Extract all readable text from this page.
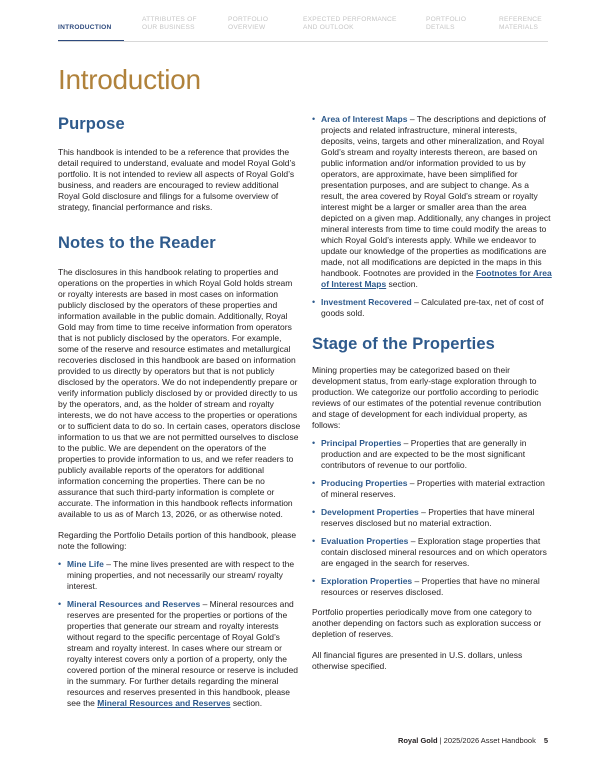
INTRODUCTION
ATTRIBUTES OF
OUR BUSINESS
PORTFOLIO
OVERVIEW
EXPECTED PERFORMANCE
AND OUTLOOK
PORTFOLIO
DETAILS
REFERENCE
MATERIALS
Introduction
Purpose

This handbook is intended to be a reference that provides the detail required to understand, evaluate and model Royal Gold’s portfolio. It is not intended to review all aspects of Royal Gold’s business, and readers are encouraged to review additional Royal Gold disclosure and filings for a fulsome overview of strategy, financial performance and risks.

Notes to the Reader

The disclosures in this handbook relating to properties and operations on the properties in which Royal Gold holds stream or royalty interests are based in most cases on information publicly disclosed by the operators of these properties and information available in the public domain. Additionally, Royal Gold may from time to time receive information from operators that is not publicly disclosed by the operators. For example, some of the reserve and resource estimates and metallurgical recoveries disclosed in this handbook are based on information provided to us directly by operators but that is not publicly disclosed by the operators. We do not independently prepare or verify information publicly disclosed by or provided directly to us by the operators, and, as the holder of stream and royalty interests, we do not have access to the properties or operations or to sufficient data to do so. In certain cases, operators disclose information to us that we are not permitted ourselves to disclose to the public. We are dependent on the operators of the properties to provide information to us, and we refer readers to publicly available reports of the operators for additional information concerning the properties. There can be no assurance that such third-party information is complete or accurate. The information in this handbook reflects information available to us as of March 13, 2026, or as otherwise noted.

Regarding the Portfolio Details portion of this handbook, please note the following:

• Mine Life – The mine lives presented are with respect to the mining properties, and not necessarily our stream/ royalty interest.
• Mineral Resources and Reserves – Mineral resources and reserves are presented for the properties or portions of the properties that generate our stream and royalty interests without regard to the specific percentage of Royal Gold’s stream and royalty interest. In cases where our stream or royalty interest covers only a portion of a property, only the covered portion of the mineral resource or reserve is included in the summary. For further details regarding the mineral resources and reserves presented in this handbook, please see the Mineral Resources and Reserves section.
• Area of Interest Maps – The descriptions and depictions of projects and related infrastructure, mineral interests, deposits, veins, targets and other mineralization, and Royal Gold’s stream and royalty interests thereon, are based on public information and/or information provided to us by operators, are approximate, have been simplified for presentation purposes, and are subject to change. As a result, the area covered by Royal Gold’s stream or royalty interest might be a larger or smaller area than the area depicted on a given map. Additionally, any changes in project mineral interests from time to time could modify the areas to which Royal Gold’s interests apply. While we endeavor to update our knowledge of the properties as modifications are made, not all modifications are depicted in the maps in this handbook. Footnotes are provided in the Footnotes for Area of Interest Maps section.
• Investment Recovered – Calculated pre-tax, net of cost of goods sold.
Stage of the Properties

Mining properties may be categorized based on their development status, from early-stage exploration through to production. We categorize our portfolio according to periodic reviews of our estimates of the potential revenue contribution and stage of development for each individual property, as follows:

• Principal Properties – Properties that are generally in production and are expected to be the most significant contributors of revenue to our portfolio.
• Producing Properties – Properties with material extraction of mineral reserves.
• Development Properties – Properties that have mineral reserves disclosed but no material extraction.
• Evaluation Properties – Exploration stage properties that contain disclosed mineral resources and on which operators are engaged in the search for reserves.
• Exploration Properties – Properties that have no mineral resources or reserves disclosed.

Portfolio properties periodically move from one category to another depending on factors such as exploration success or depletion of reserves.

All financial figures are presented in U.S. dollars, unless otherwise specified.

Royal Gold | 2025/2026 Asset Handbook 5
